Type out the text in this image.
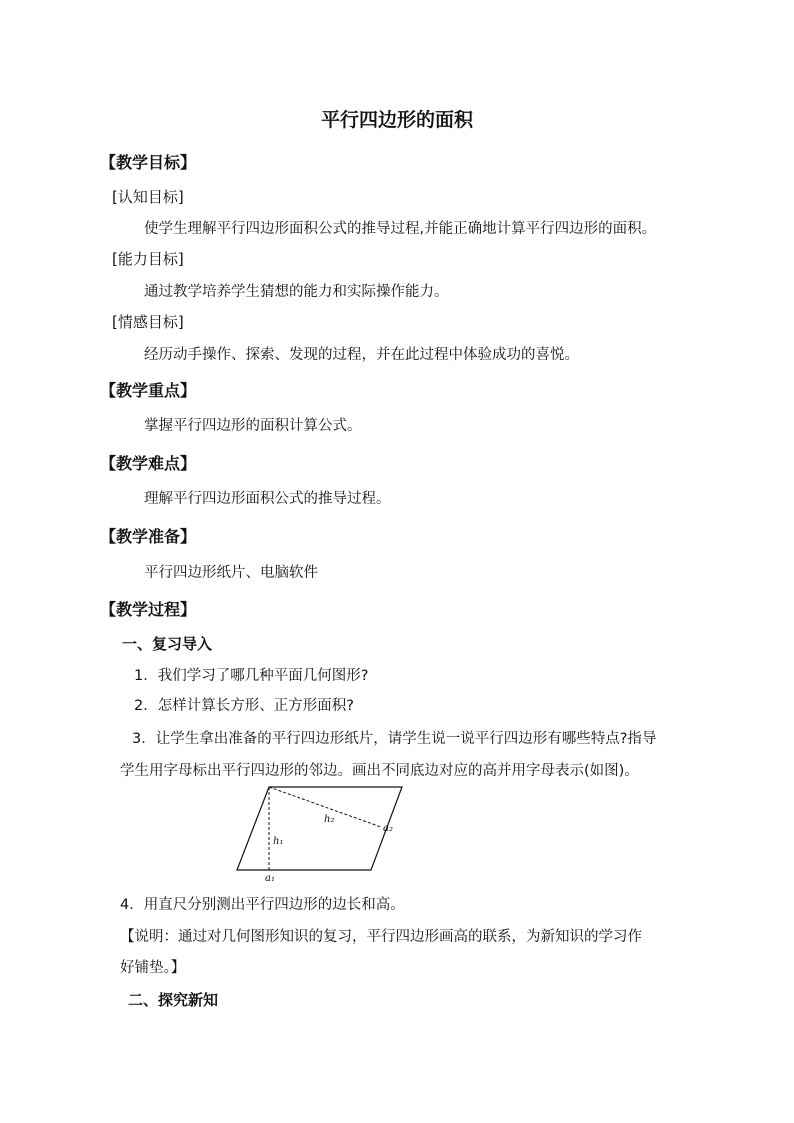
平行四边形的面积
【教学目标】
[认知目标]
使学生理解平行四边形面积公式的推导过程,并能正确地计算平行四边形的面积。
[能力目标]
通过教学培养学生猜想的能力和实际操作能力。
[情感目标]
经历动手操作、探索、发现的过程，并在此过程中体验成功的喜悦。
【教学重点】
掌握平行四边形的面积计算公式。
【教学难点】
理解平行四边形面积公式的推导过程。
【教学准备】
平行四边形纸片、电脑软件
【教学过程】
一、复习导入
1．我们学习了哪几种平面几何图形?
2．怎样计算长方形、正方形面积?
3．让学生拿出准备的平行四边形纸片，请学生说一说平行四边形有哪些特点?指导
学生用字母标出平行四边形的邻边。画出不同底边对应的高并用字母表示(如图)。
h₁
h₂
a₁
a₂
4．用直尺分别测出平行四边形的边长和高。
【说明：通过对几何图形知识的复习，平行四边形画高的联系，为新知识的学习作
好铺垫。】
二、探究新知
